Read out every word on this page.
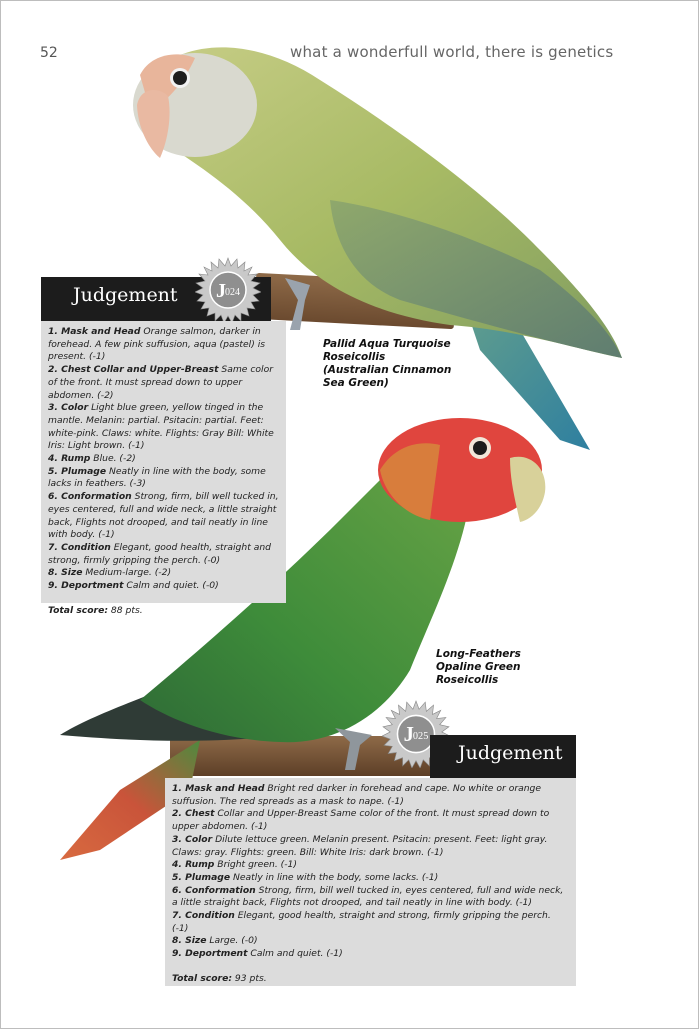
52	what a wonderfull world, there is genetics
Judgement J 024

1. Mask and Head Orange salmon, darker in forehead. A few pink suffusion, aqua (pastel) is present. (-1)

2. Chest Collar and Upper-Breast Same color of the front. It must spread down to upper abdomen. (-2)

3. Color Light blue green, yellow tinged in the mantle. Melanin: partial. Psitacin: partial. Feet: white-pink. Claws: white. Flights: Gray Bill: White Iris: Light brown. (-1)

4. Rump Blue. (-2)

5. Plumage Neatly in line with the body, some lacks in feathers. (-3)

6. Conformation Strong, firm, bill well tucked in, eyes centered, full and wide neck, a little straight back, Flights not drooped, and tail neatly in line with body. (-1)

7. Condition Elegant, good health, straight and strong, firmly gripping the perch. (-0)

8. Size Medium-large. (-2)

9. Deportment Calm and quiet. (-0)

Total score: 88 pts.

Pallid Aqua Turquoise Roseicollis (Australian Cinnamon Sea Green)
Long-Feathers Opaline Green Roseicollis
J
025
Judgement

1. Mask and Head Bright red darker in forehead and cape. No white or orange suffusion. The red spreads as a mask to nape. (-1)

2. Chest Collar and Upper-Breast Same color of the front. It must spread down to upper abdomen. (-1)

3. Color Dilute lettuce green. Melanin present. Psitacin: present. Feet: light gray. Claws: gray. Flights: green. Bill: White Iris: dark brown. (-1)

4. Rump Bright green. (-1)

5. Plumage Neatly in line with the body, some lacks. (-1)

6. Conformation Strong, firm, bill well tucked in, eyes centered, full and wide neck, a little straight back, Flights not drooped, and tail neatly in line with body. (-1)

7. Condition Elegant, good health, straight and strong, firmly gripping the perch. (-1)

8. Size Large. (-0)

9. Deportment Calm and quiet. (-1)

Total score: 93 pts.
